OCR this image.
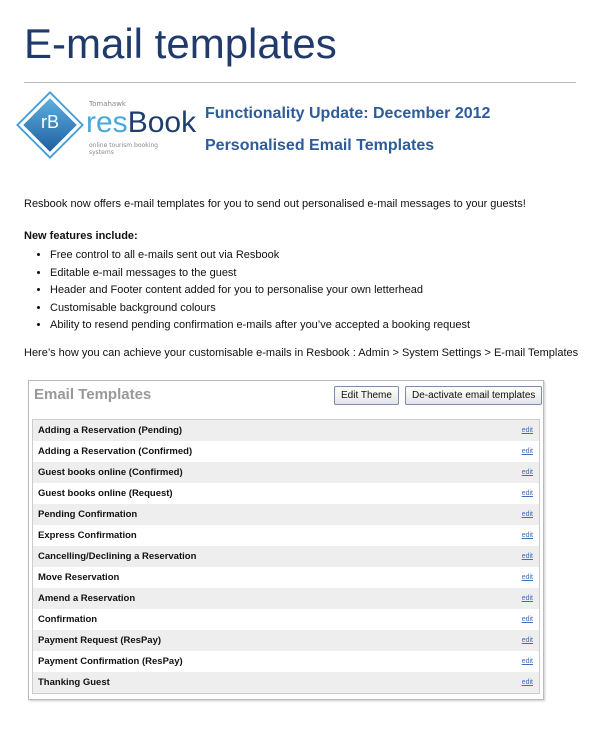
E-mail templates
rB
Tomahawk
resBook
online tourism booking systems
Functionality Update: December 2012
Personalised Email Templates
Resbook now offers e-mail templates for you to send out personalised e-mail messages to your guests!
New features include:
• Free control to all e-mails sent out via Resbook
• Editable e-mail messages to the guest
• Header and Footer content added for you to personalise your own letterhead
• Customisable background colours
• Ability to resend pending confirmation e-mails after you’ve accepted a booking request
Here’s how you can achieve your customisable e-mails in Resbook : Admin > System Settings > E-mail Templates
Email Templates	Edit Theme	De-activate email templates
Adding a Reservation (Pending)	edit
Adding a Reservation (Confirmed)	edit
Guest books online (Confirmed)	edit
Guest books online (Request)	edit
Pending Confirmation	edit
Express Confirmation	edit
Cancelling/Declining a Reservation	edit
Move Reservation	edit
Amend a Reservation	edit
Confirmation	edit
Payment Request (ResPay)	edit
Payment Confirmation (ResPay)	edit
Thanking Guest	edit
